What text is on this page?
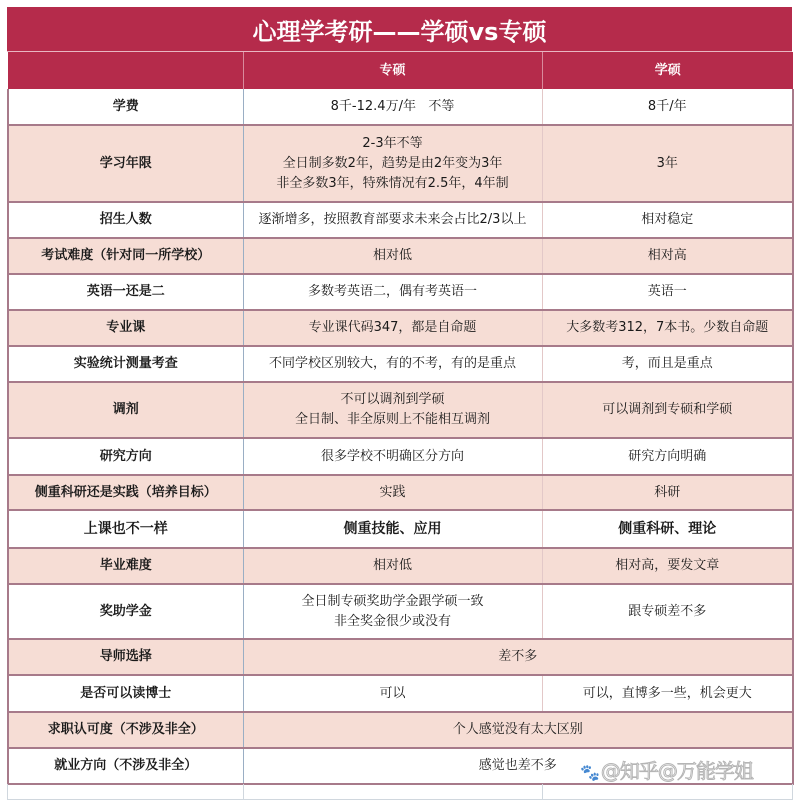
心理学考研——学硕vs专硕
	专硕	学硕
学费	8千-12.4万/年   不等	8千/年
学习年限	2-3年不等
全日制多数2年，趋势是由2年变为3年
非全多数3年，特殊情况有2.5年，4年制	3年
招生人数	逐渐增多，按照教育部要求未来会占比2/3以上	相对稳定
考试难度（针对同一所学校）	相对低	相对高
英语一还是二	多数考英语二，偶有考英语一	英语一
专业课	专业课代码347，都是自命题	大多数考312，7本书。少数自命题
实验统计测量考查	不同学校区别较大，有的不考，有的是重点	考，而且是重点
调剂	不可以调剂到学硕
全日制、非全原则上不能相互调剂	可以调剂到专硕和学硕
研究方向	很多学校不明确区分方向	研究方向明确
侧重科研还是实践（培养目标）	实践	科研
上课也不一样	侧重技能、应用	侧重科研、理论
毕业难度	相对低	相对高，要发文章
奖助学金	全日制专硕奖助学金跟学硕一致
非全奖金很少或没有	跟专硕差不多
导师选择	差不多	
是否可以读博士	可以	可以，直博多一些，机会更大
求职认可度（不涉及非全）	个人感觉没有太大区别	
就业方向（不涉及非全）	感觉也差不多	🐾 @知乎@万能学姐
